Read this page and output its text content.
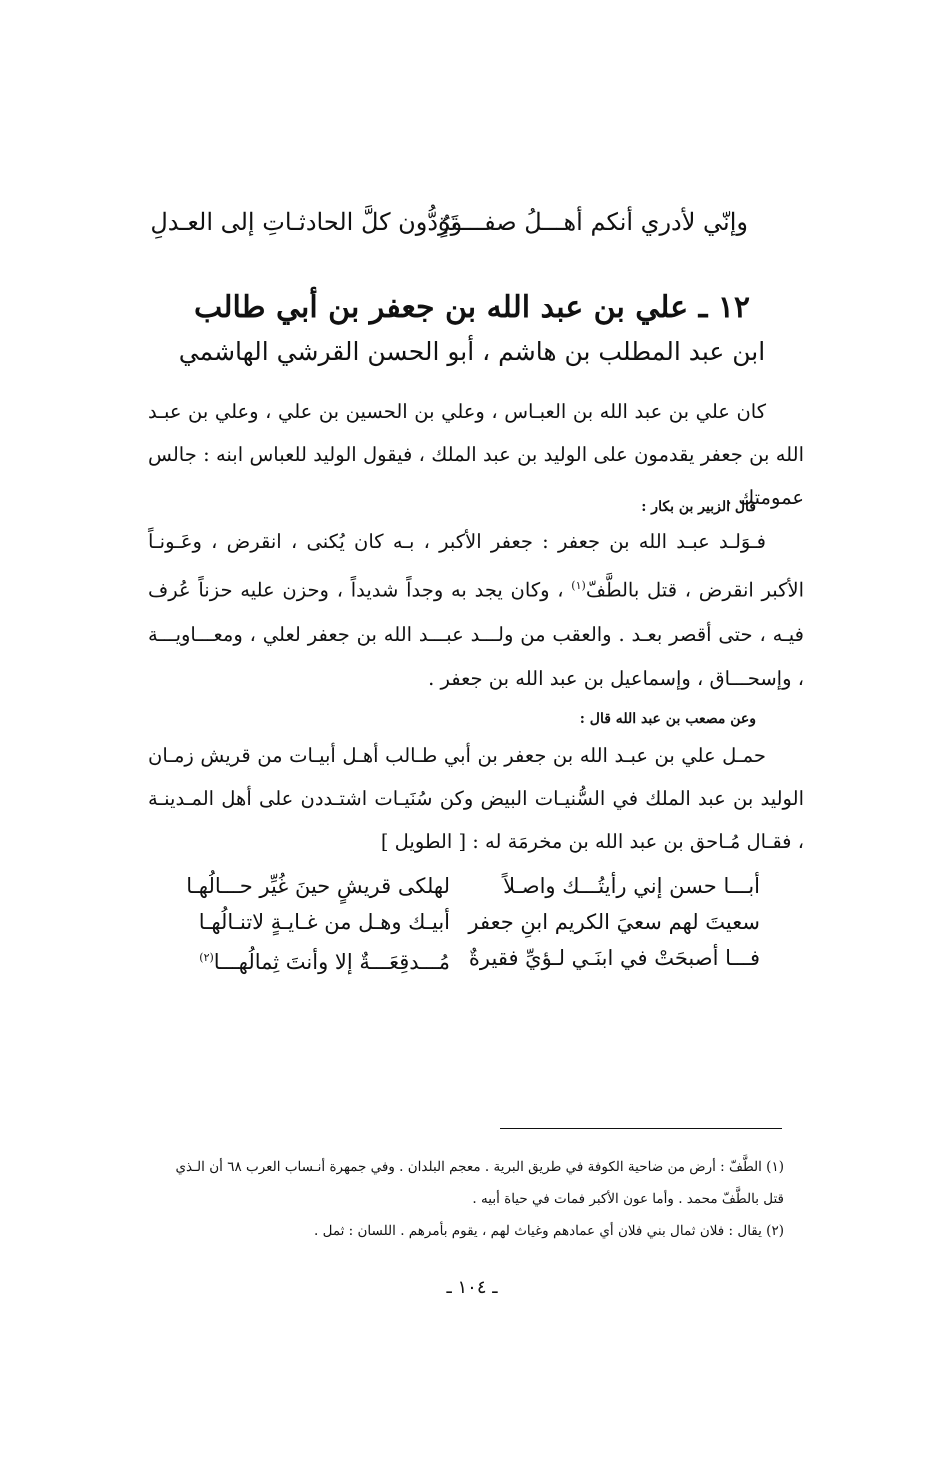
وإنّي لأدري أنكم أهـــلُ صفـــوةٍ
تَرُدُّون كلَّ الحادثـاتِ إلى العـدلِ
١٢ ـ علي بن عبد الله بن جعفر بن أبي طالب
ابن عبد المطلب بن هاشم ، أبو الحسن القرشي الهاشمي
كان علي بن عبد الله بن العبـاس ، وعلي بن الحسين بن علي ، وعلي بن عبـد الله بن جعفر يقدمون على الوليد بن عبد الملك ، فيقول الوليد للعباس ابنه : جالس عمومتك .
قال الزبير بن بكار :
فـوَلـد عبـد الله بن جعفر : جعفر الأكبر ، بـه كان يُكنى ، انقرض ، وعَـونـاً الأكبر انقرض ، قتل بالطَّفّ$^{(١)}$ ، وكان يجد به وجداً شديداً ، وحزن عليه حزناً عُرف فيـه ، حتى أقصر بعـد . والعقب من ولـــد عبـــد الله بن جعفر لعلي ، ومعـــاويـــة ، وإسحـــاق ، وإسماعيل بن عبد الله بن جعفر .
وعن مصعب بن عبد الله قال :
حمـل علي بن عبـد الله بن جعفر بن أبي طـالب أهـل أبيـات من قريش زمـان الوليد بن عبد الملك في السُّنيـات البيض وكن سُنَيـات اشتـددن على أهل المـدينـة ، فقـال مُـاحق بن عبد الله بن مخرمَة له : [ الطويل ]
أبـــا حسن إني رأيتُـــك واصـلاً
لهلكى قريشٍ حينَ غُيِّر حـــالُهـا
سعيتَ لهم سعيَ الكريم ابنِ جعفر
أبيـك وهـل من غـايـةٍ لاتنـالُهـا
فـــا أصبحَتْ في ابنَـي لـؤيِّ فقيرةٌ
مُـــدقِعَـــةٌ إلا وأنتَ ثِمالُهـــا$^{(٢)}$
(١) الطَّفّ : أرض من ضاحية الكوفة في طريق البرية . معجم البلدان . وفي جمهرة أنـساب العرب ٦٨ أن الـذي
قتل بالطَّفّ محمد . وأما عون الأكبر فمات في حياة أبيه .
(٢) يقال : فلان ثمال بني فلان أي عمادهم وغياث لهم ، يقوم بأمرهم . اللسان : ثمل .
ـ ١٠٤ ـ
